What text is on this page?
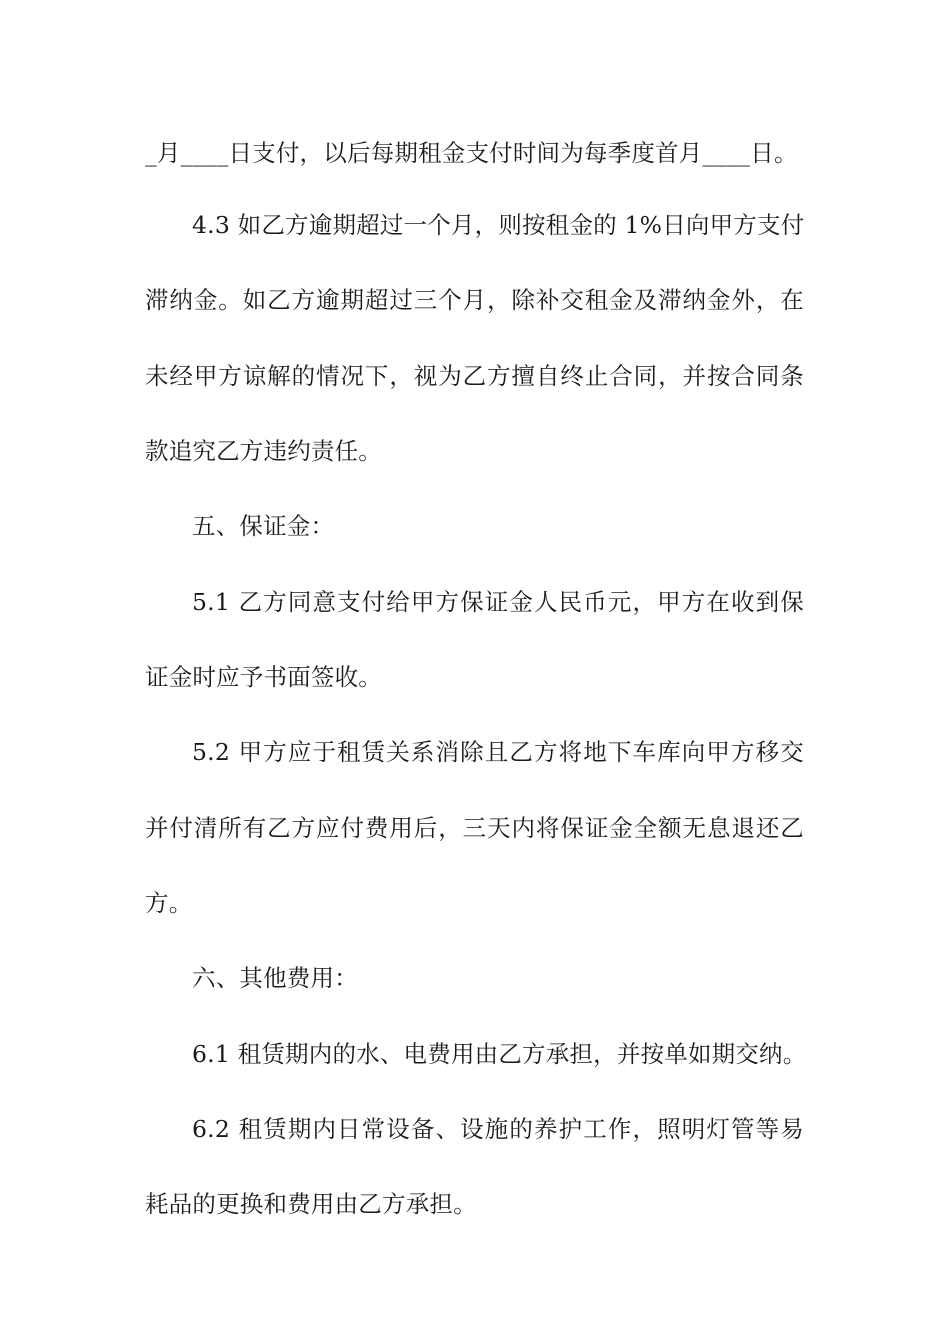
_月____日支付，以后每期租金支付时间为每季度首月____日。
4.3 如乙方逾期超过一个月，则按租金的 1%日向甲方支付
滞纳金。如乙方逾期超过三个月，除补交租金及滞纳金外，在
未经甲方谅解的情况下，视为乙方擅自终止合同，并按合同条
款追究乙方违约责任。
五、保证金：
5.1 乙方同意支付给甲方保证金人民币元，甲方在收到保
证金时应予书面签收。
5.2 甲方应于租赁关系消除且乙方将地下车库向甲方移交
并付清所有乙方应付费用后，三天内将保证金全额无息退还乙
方。
六、其他费用：
6.1 租赁期内的水、电费用由乙方承担，并按单如期交纳。
6.2 租赁期内日常设备、设施的养护工作，照明灯管等易
耗品的更换和费用由乙方承担。
